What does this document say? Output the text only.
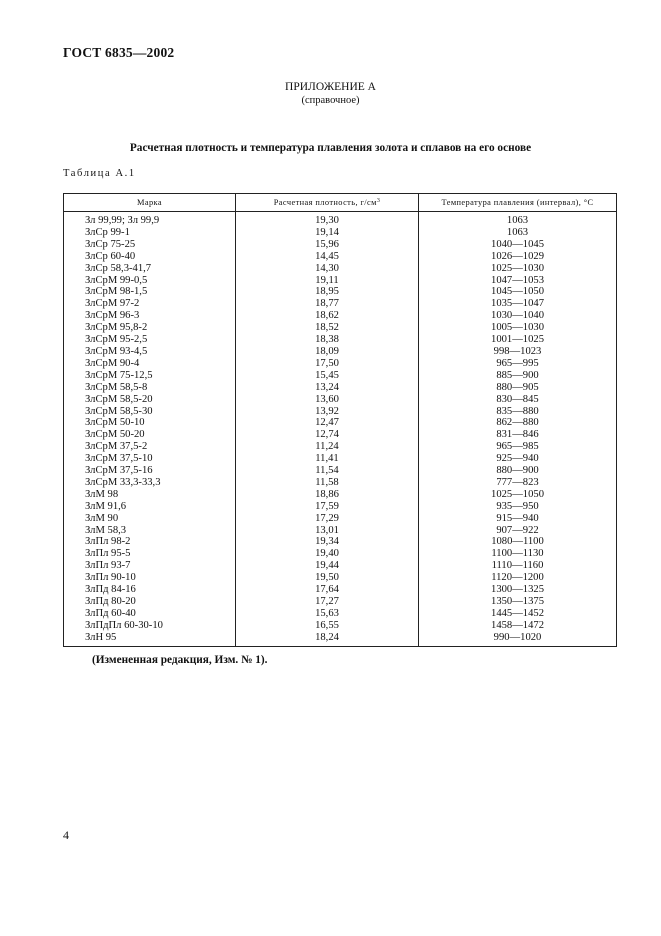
ГОСТ 6835—2002
ПРИЛОЖЕНИЕ А
(справочное)
Расчетная плотность и температура плавления золота и сплавов на его основе
Таблица А.1
Марка	Расчетная плотность, $г/см^3$	Температура плавления (интервал), °С
Зл 99,99; Зл 99,9	19,30	1063
ЗлСр 99-1	19,14	1063
ЗлСр 75-25	15,96	1040—1045
ЗлСр 60-40	14,45	1026—1029
ЗлСр 58,3-41,7	14,30	1025—1030
ЗлСрМ 99-0,5	19,11	1047—1053
ЗлСрМ 98-1,5	18,95	1045—1050
ЗлСрМ 97-2	18,77	1035—1047
ЗлСрМ 96-3	18,62	1030—1040
ЗлСрМ 95,8-2	18,52	1005—1030
ЗлСрМ 95-2,5	18,38	1001—1025
ЗлСрМ 93-4,5	18,09	998—1023
ЗлСрМ 90-4	17,50	965—995
ЗлСрМ 75-12,5	15,45	885—900
ЗлСрМ 58,5-8	13,24	880—905
ЗлСрМ 58,5-20	13,60	830—845
ЗлСрМ 58,5-30	13,92	835—880
ЗлСрМ 50-10	12,47	862—880
ЗлСрМ 50-20	12,74	831—846
ЗлСрМ 37,5-2	11,24	965—985
ЗлСрМ 37,5-10	11,41	925—940
ЗлСрМ 37,5-16	11,54	880—900
ЗлСрМ 33,3-33,3	11,58	777—823
ЗлМ 98	18,86	1025—1050
ЗлМ 91,6	17,59	935—950
ЗлМ 90	17,29	915—940
ЗлМ 58,3	13,01	907—922
ЗлПл 98-2	19,34	1080—1100
ЗлПл 95-5	19,40	1100—1130
ЗлПл 93-7	19,44	1110—1160
ЗлПл 90-10	19,50	1120—1200
ЗлПд 84-16	17,64	1300—1325
ЗлПд 80-20	17,27	1350—1375
ЗлПд 60-40	15,63	1445—1452
ЗлПдПл 60-30-10	16,55	1458—1472
ЗлН 95	18,24	990—1020
(Измененная редакция, Изм. № 1).
4
